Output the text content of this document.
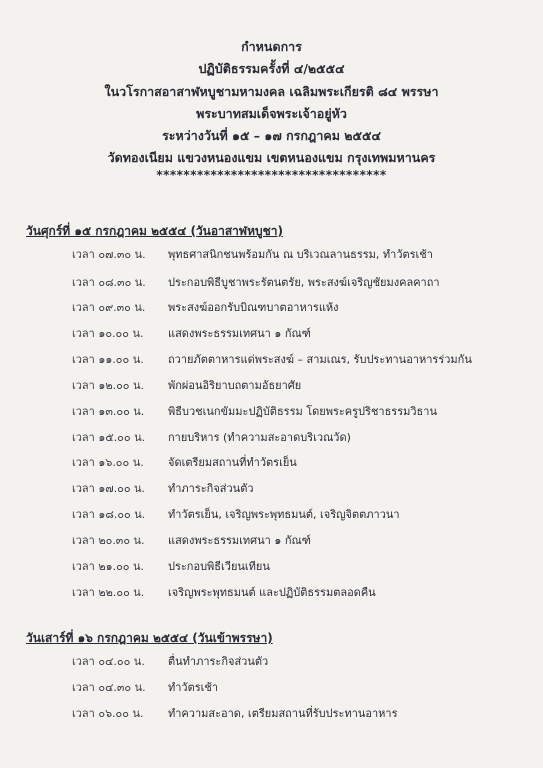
กำหนดการ
ปฏิบัติธรรมครั้งที่ ๔/๒๕๕๔
ในวโรกาสอาสาฬหบูชามหามงคล เฉลิมพระเกียรติ ๘๔ พรรษา
พระบาทสมเด็จพระเจ้าอยู่หัว
ระหว่างวันที่ ๑๕ – ๑๗ กรกฎาคม ๒๕๕๔
วัดทองเนียม แขวงหนองแขม เขตหนองแขม กรุงเทพมหานคร
**********************************
วันศุกร์ที่ ๑๕ กรกฎาคม ๒๕๕๔ (วันอาสาฬหบูชา)
เวลา ๐๗.๓๐ น. พุทธศาสนิกชนพร้อมกัน ณ บริเวณลานธรรม, ทำวัตรเช้า
เวลา ๐๘.๓๐ น. ประกอบพิธีบูชาพระรัตนตรัย, พระสงฆ์เจริญชัยมงคลคาถา
เวลา ๐๙.๓๐ น. พระสงฆ์ออกรับบิณฑบาตอาหารแห้ง
เวลา ๑๐.๐๐ น. แสดงพระธรรมเทศนา ๑ กัณฑ์
เวลา ๑๑.๐๐ น. ถวายภัตตาหารแด่พระสงฆ์ – สามเณร, รับประทานอาหารร่วมกัน
เวลา ๑๒.๐๐ น. พักผ่อนอิริยาบถตามอัธยาศัย
เวลา ๑๓.๐๐ น. พิธีบวชเนกขัมมะปฏิบัติธรรม โดยพระครูปริชาธรรมวิธาน
เวลา ๑๕.๐๐ น. กายบริหาร (ทำความสะอาดบริเวณวัด)
เวลา ๑๖.๐๐ น. จัดเตรียมสถานที่ทำวัตรเย็น
เวลา ๑๗.๐๐ น. ทำภาระกิจส่วนตัว
เวลา ๑๘.๐๐ น. ทำวัตรเย็น, เจริญพระพุทธมนต์, เจริญจิตตภาวนา
เวลา ๒๐.๓๐ น. แสดงพระธรรมเทศนา ๑ กัณฑ์
เวลา ๒๑.๐๐ น. ประกอบพิธีเวียนเทียน
เวลา ๒๒.๐๐ น. เจริญพระพุทธมนต์ และปฏิบัติธรรมตลอดคืน
วันเสาร์ที่ ๑๖ กรกฎาคม ๒๕๕๔ (วันเข้าพรรษา)
เวลา ๐๔.๐๐ น. ตื่นทำภาระกิจส่วนตัว
เวลา ๐๔.๓๐ น. ทำวัตรเช้า
เวลา ๐๖.๐๐ น. ทำความสะอาด, เตรียมสถานที่รับประทานอาหาร
